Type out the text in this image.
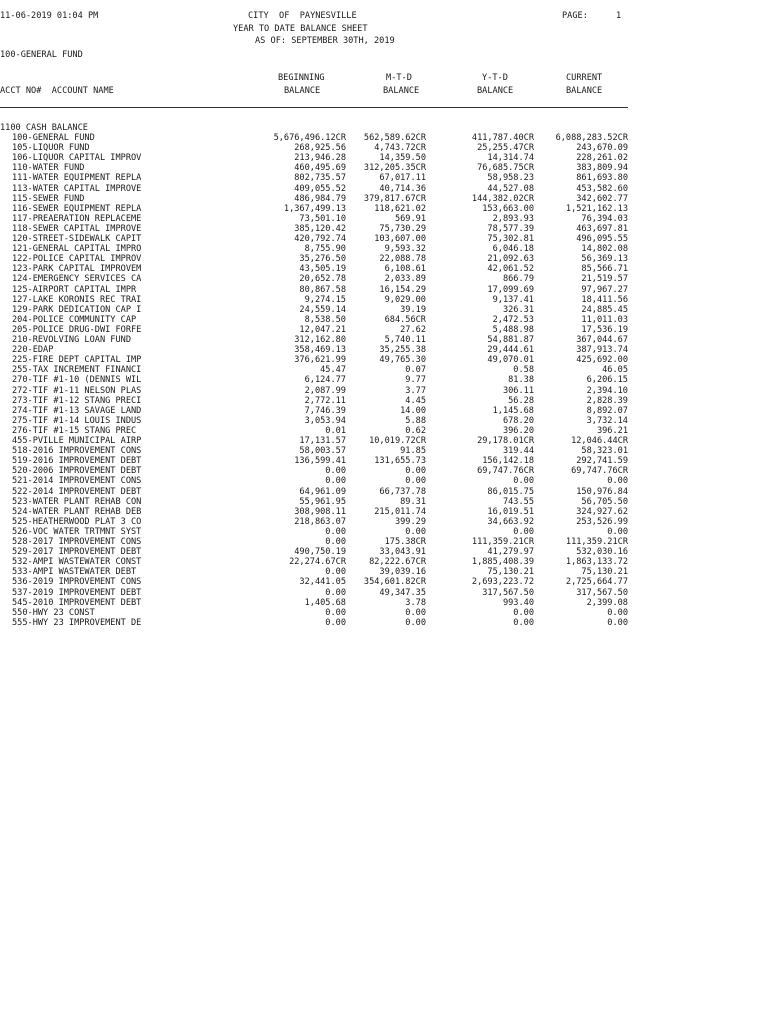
11-06-2019 01:04 PM	CITY  OF  PAYNESVILLE	PAGE:	1
YEAR TO DATE BALANCE SHEET
AS OF: SEPTEMBER 30TH, 2019
100-GENERAL FUND
BEGINNING	M-T-D	Y-T-D	CURRENT
ACCT NO#  ACCOUNT NAME	BALANCE	BALANCE	BALANCE	BALANCE
1100 CASH BALANCE
100-GENERAL FUND	5,676,496.12CR 562,589.62CR	411,787.40CR	6,088,283.52CR
105-LIQUOR FUND	268,925.56	4,743.72CR	25,255.47CR	243,670.09
106-LIQUOR CAPITAL IMPROV	213,946.28	14,359.50	14,314.74	228,261.02
110-WATER FUND	460,495.69 312,205.35CR	76,685.75CR	383,809.94
111-WATER EQUIPMENT REPLA	802,735.57	67,017.11	58,958.23	861,693.80
113-WATER CAPITAL IMPROVE	409,055.52	40,714.36	44,527.08	453,582.60
115-SEWER FUND	486,984.79 379,817.67CR	144,382.02CR	342,602.77
116-SEWER EQUIPMENT REPLA	1,367,499.13	118,621.02	153,663.00	1,521,162.13
117-PREAERATION REPLACEME	73,501.10	569.91	2,893.93	76,394.03
118-SEWER CAPITAL IMPROVE	385,120.42	75,730.29	78,577.39	463,697.81
120-STREET-SIDEWALK CAPIT	420,792.74	103,607.00	75,302.81	496,095.55
121-GENERAL CAPITAL IMPRO	8,755.90	9,593.32	6,046.18	14,802.08
122-POLICE CAPITAL IMPROV	35,276.50	22,088.78	21,092.63	56,369.13
123-PARK CAPITAL IMPROVEM	43,505.19	6,108.61	42,061.52	85,566.71
124-EMERGENCY SERVICES CA	20,652.78	2,033.89	866.79	21,519.57
125-AIRPORT CAPITAL IMPR	80,867.58	16,154.29	17,099.69	97,967.27
127-LAKE KORONIS REC TRAI	9,274.15	9,029.00	9,137.41	18,411.56
129-PARK DEDICATION CAP I	24,559.14	39.19	326.31	24,885.45
204-POLICE COMMUNITY CAP	8,538.50	684.56CR	2,472.53	11,011.03
205-POLICE DRUG-DWI FORFE	12,047.21	27.62	5,488.98	17,536.19
210-REVOLVING LOAN FUND	312,162.80	5,740.11	54,881.87	367,044.67
220-EDAP	358,469.13	35,255.38	29,444.61	387,913.74
225-FIRE DEPT CAPITAL IMP	376,621.99	49,765.30	49,070.01	425,692.00
255-TAX INCREMENT FINANCI	45.47	0.07	0.58	46.05
270-TIF #1-10 (DENNIS WIL	6,124.77	9.77	81.38	6,206.15
272-TIF #1-11 NELSON PLAS	2,087.99	3.77	306.11	2,394.10
273-TIF #1-12 STANG PRECI	2,772.11	4.45	56.28	2,828.39
274-TIF #1-13 SAVAGE LAND	7,746.39	14.00	1,145.68	8,892.07
275-TIF #1-14 LOUIS INDUS	3,053.94	5.88	678.20	3,732.14
276-TIF #1-15 STANG PREC	0.01	0.62	396.20	396.21
455-PVILLE MUNICIPAL AIRP	17,131.57	10,019.72CR	29,178.01CR	12,046.44CR
518-2016 IMPROVEMENT CONS	58,003.57	91.85	319.44	58,323.01
519-2016 IMPROVEMENT DEBT	136,599.41	131,655.73	156,142.18	292,741.59
520-2006 IMPROVEMENT DEBT	0.00	0.00	69,747.76CR	69,747.76CR
521-2014 IMPROVEMENT CONS	0.00	0.00	0.00	0.00
522-2014 IMPROVEMENT DEBT	64,961.09	66,737.78	86,015.75	150,976.84
523-WATER PLANT REHAB CON	55,961.95	89.31	743.55	56,705.50
524-WATER PLANT REHAB DEB	308,908.11	215,011.74	16,019.51	324,927.62
525-HEATHERWOOD PLAT 3 CO	218,863.07	399.29	34,663.92	253,526.99
526-VOC WATER TRTMNT SYST	0.00	0.00	0.00	0.00
528-2017 IMPROVEMENT CONS	0.00	175.38CR	111,359.21CR	111,359.21CR
529-2017 IMPROVEMENT DEBT	490,750.19	33,043.91	41,279.97	532,030.16
532-AMPI WASTEWATER CONST	22,274.67CR	82,222.67CR	1,885,408.39	1,863,133.72
533-AMPI WASTEWATER DEBT	0.00	39,039.16	75,130.21	75,130.21
536-2019 IMPROVEMENT CONS	32,441.05 354,601.82CR	2,693,223.72	2,725,664.77
537-2019 IMPROVEMENT DEBT	0.00	49,347.35	317,567.50	317,567.50
545-2010 IMPROVEMENT DEBT	1,405.68	3.78	993.40	2,399.08
550-HWY 23 CONST	0.00	0.00	0.00	0.00
555-HWY 23 IMPROVEMENT DE	0.00	0.00	0.00	0.00
